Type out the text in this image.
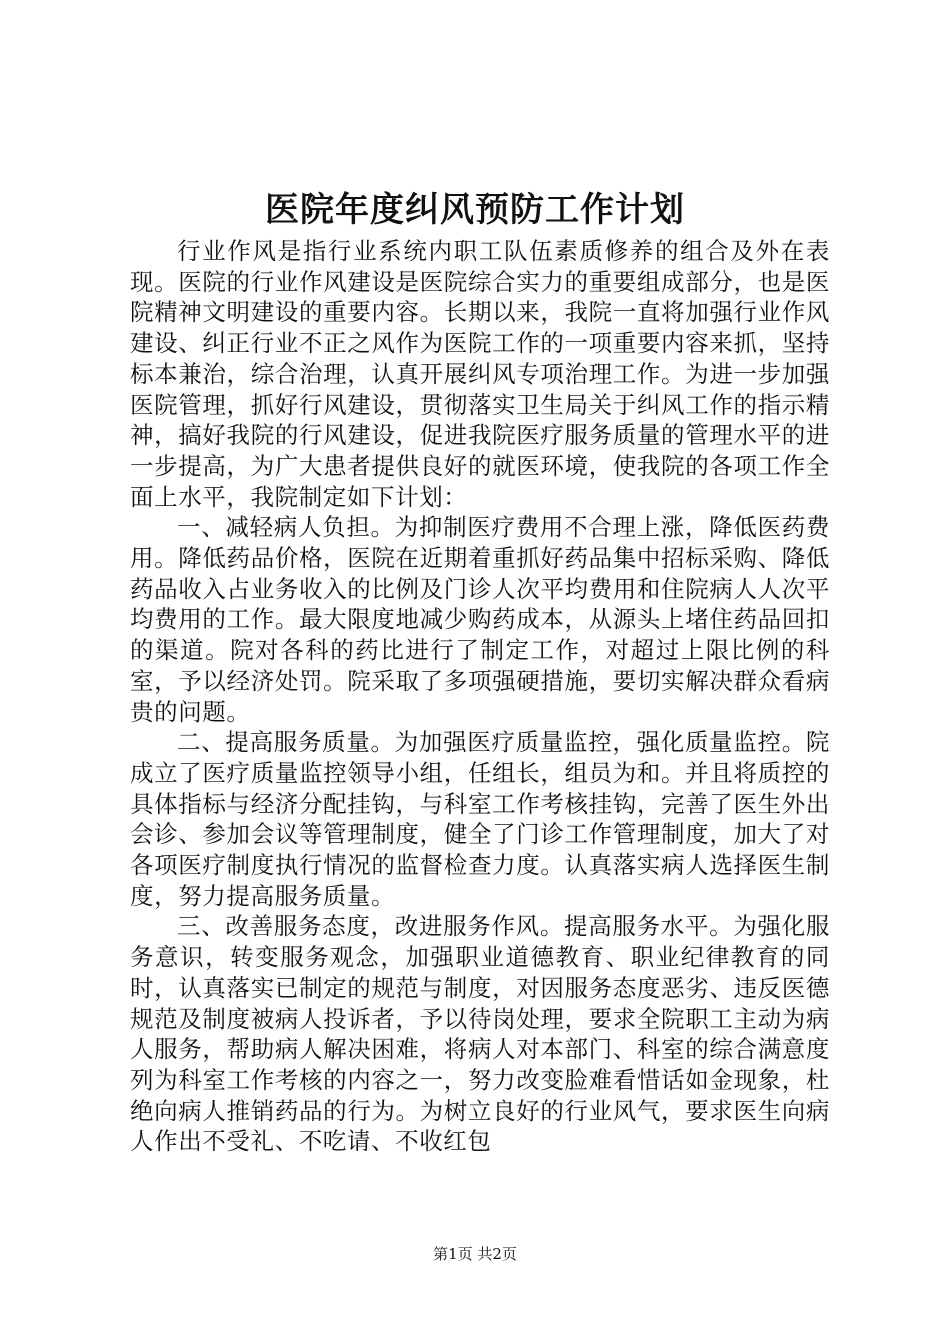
医院年度纠风预防工作计划

行业作风是指行业系统内职工队伍素质修养的组合及外在表现。医院的行业作风建设是医院综合实力的重要组成部分，也是医院精神文明建设的重要内容。长期以来，我院一直将加强行业作风建设、纠正行业不正之风作为医院工作的一项重要内容来抓，坚持标本兼治，综合治理，认真开展纠风专项治理工作。为进一步加强医院管理，抓好行风建设，贯彻落实卫生局关于纠风工作的指示精神，搞好我院的行风建设，促进我院医疗服务质量的管理水平的进一步提高，为广大患者提供良好的就医环境，使我院的各项工作全面上水平，我院制定如下计划：

一、减轻病人负担。为抑制医疗费用不合理上涨，降低医药费用。降低药品价格，医院在近期着重抓好药品集中招标采购、降低药品收入占业务收入的比例及门诊人次平均费用和住院病人人次平均费用的工作。最大限度地减少购药成本，从源头上堵住药品回扣的渠道。院对各科的药比进行了制定工作，对超过上限比例的科室，予以经济处罚。院采取了多项强硬措施，要切实解决群众看病贵的问题。

二、提高服务质量。为加强医疗质量监控，强化质量监控。院成立了医疗质量监控领导小组，任组长，组员为和。并且将质控的具体指标与经济分配挂钩，与科室工作考核挂钩，完善了医生外出会诊、参加会议等管理制度，健全了门诊工作管理制度，加大了对各项医疗制度执行情况的监督检查力度。认真落实病人选择医生制度，努力提高服务质量。

三、改善服务态度，改进服务作风。提高服务水平。为强化服务意识，转变服务观念，加强职业道德教育、职业纪律教育的同时，认真落实已制定的规范与制度，对因服务态度恶劣、违反医德规范及制度被病人投诉者，予以待岗处理，要求全院职工主动为病人服务，帮助病人解决困难，将病人对本部门、科室的综合满意度列为科室工作考核的内容之一，努力改变脸难看惜话如金现象，杜绝向病人推销药品的行为。为树立良好的行业风气，要求医生向病人作出不受礼、不吃请、不收红包

第1页 共2页
